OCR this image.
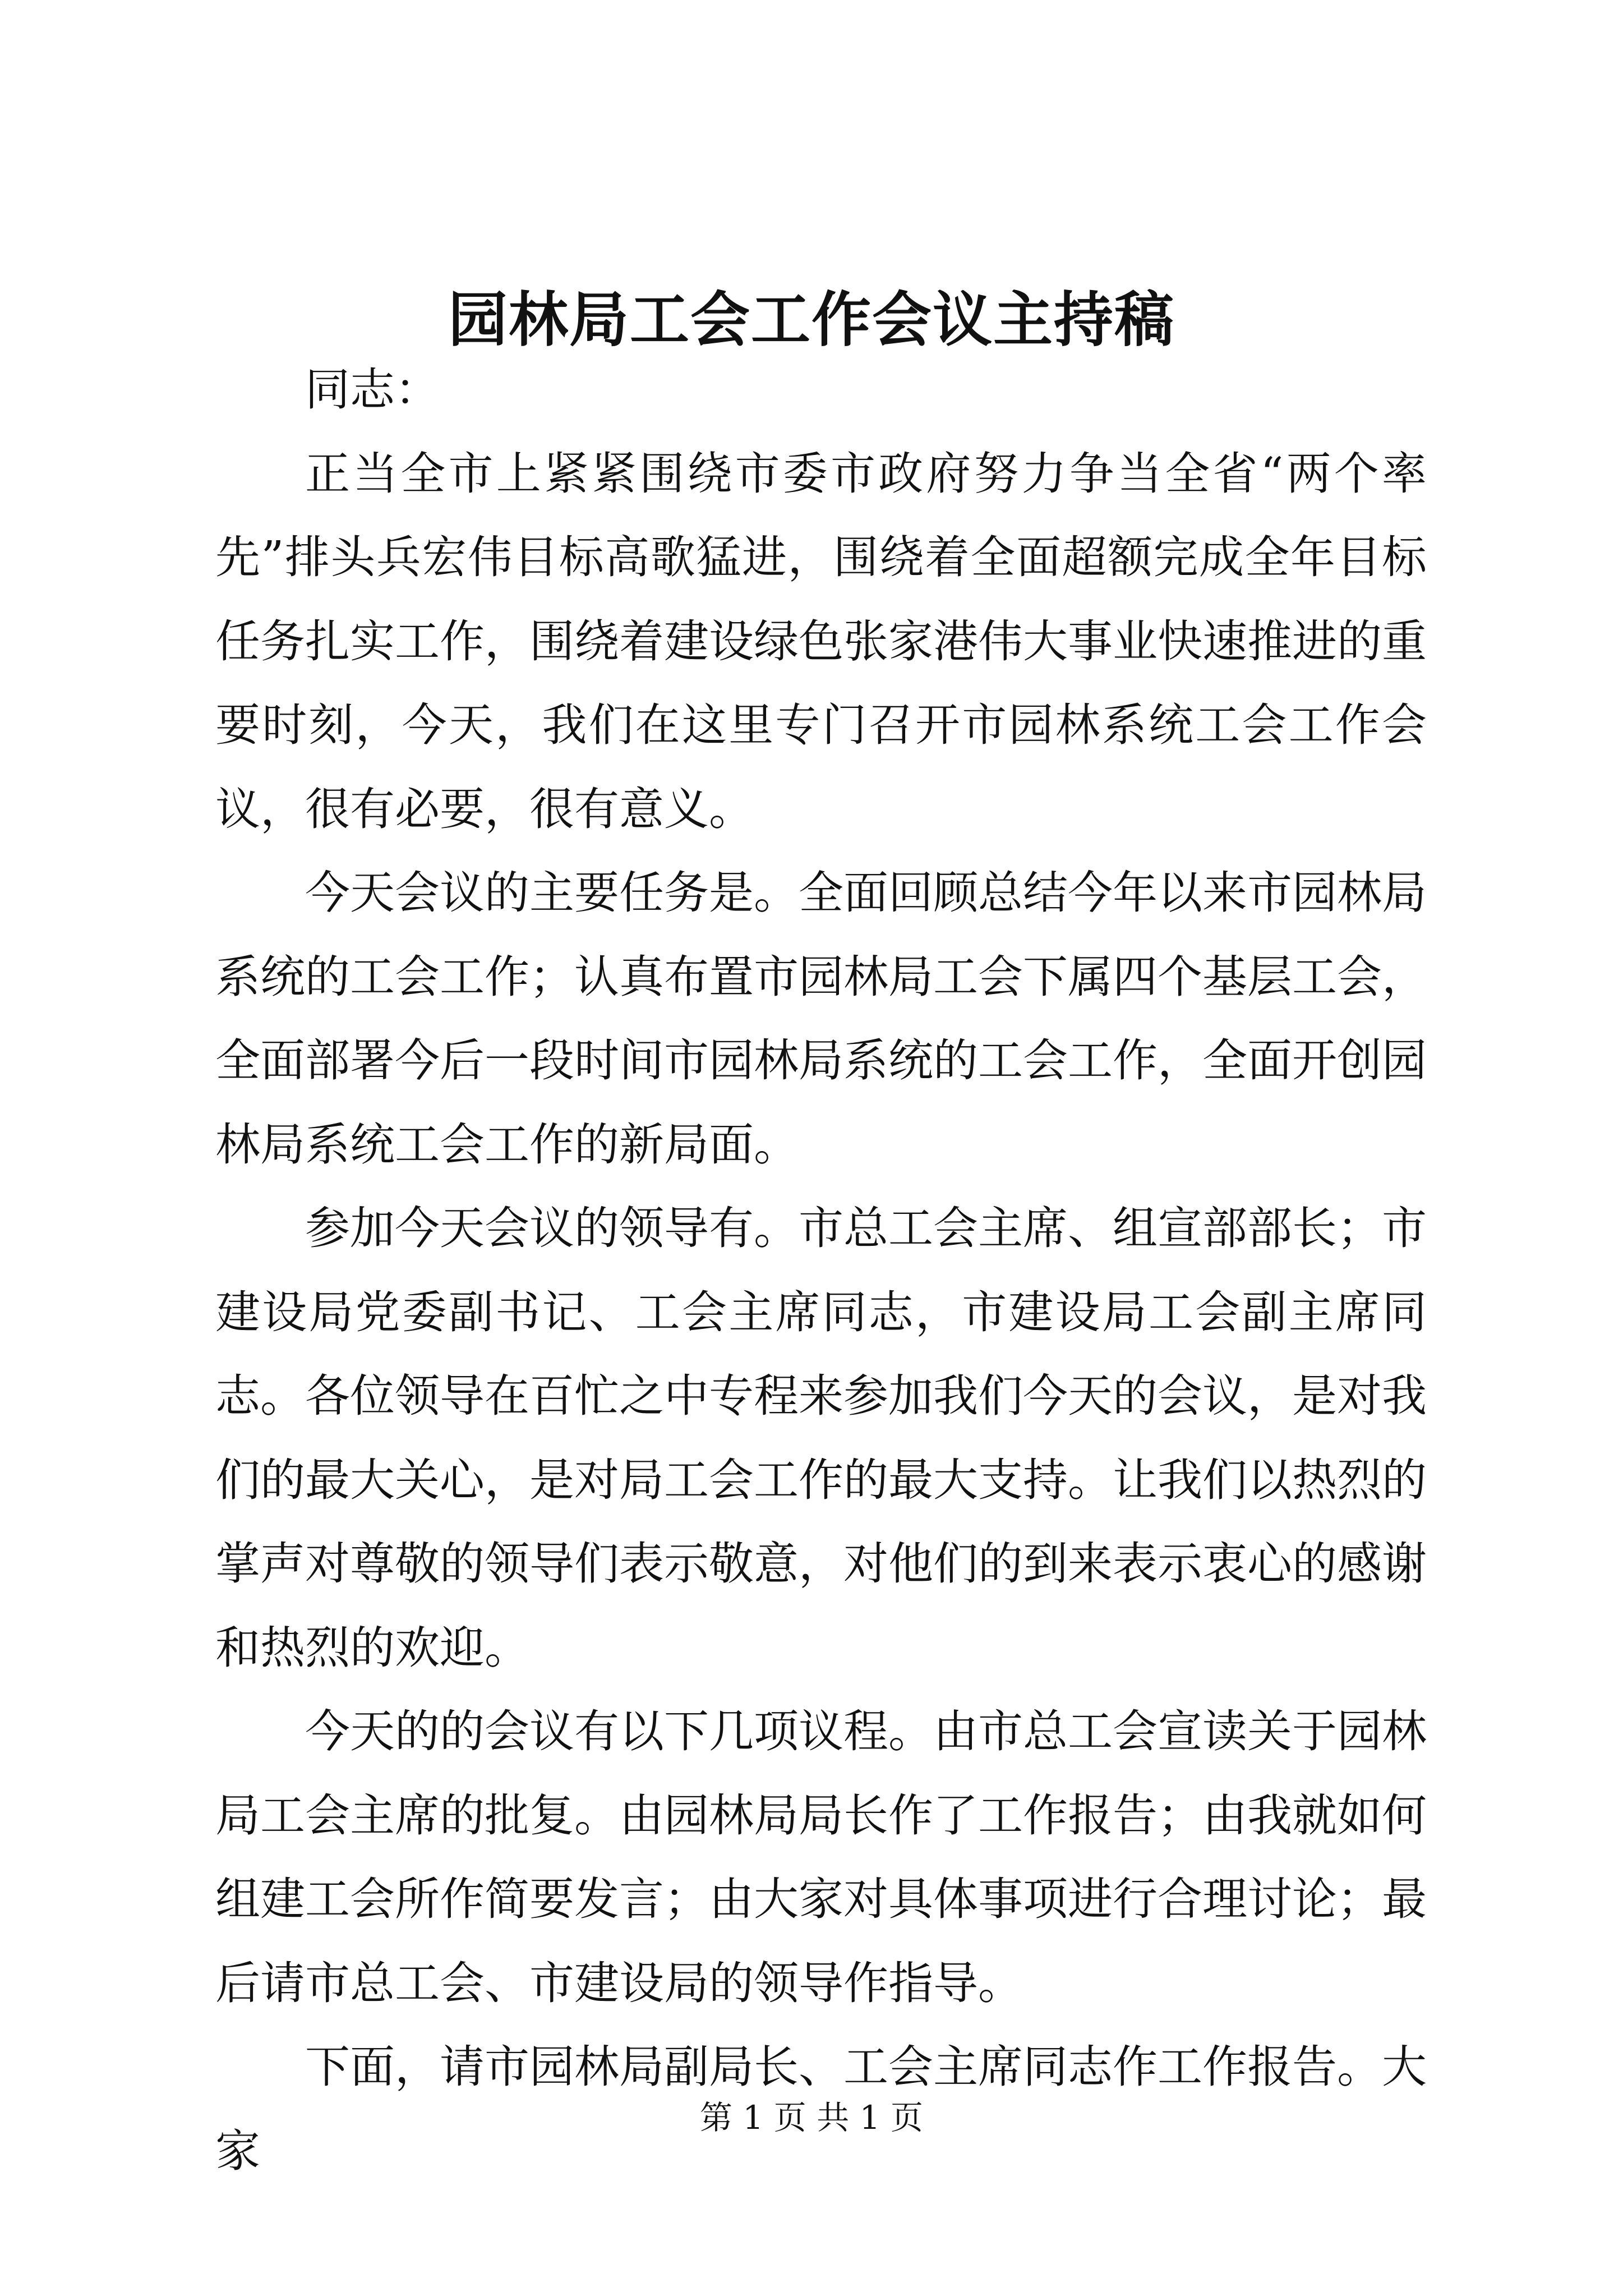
园林局工会工作会议主持稿

同志：

正当全市上紧紧围绕市委市政府努力争当全省“两个率先”排头兵宏伟目标高歌猛进，围绕着全面超额完成全年目标任务扎实工作，围绕着建设绿色张家港伟大事业快速推进的重要时刻，今天，我们在这里专门召开市园林系统工会工作会议，很有必要，很有意义。

今天会议的主要任务是。全面回顾总结今年以来市园林局系统的工会工作；认真布置市园林局工会下属四个基层工会，全面部署今后一段时间市园林局系统的工会工作，全面开创园林局系统工会工作的新局面。

参加今天会议的领导有。市总工会主席、组宣部部长；市建设局党委副书记、工会主席同志，市建设局工会副主席同志。各位领导在百忙之中专程来参加我们今天的会议，是对我们的最大关心，是对局工会工作的最大支持。让我们以热烈的掌声对尊敬的领导们表示敬意，对他们的到来表示衷心的感谢和热烈的欢迎。

今天的的会议有以下几项议程。由市总工会宣读关于园林局工会主席的批复。由园林局局长作了工作报告；由我就如何组建工会所作简要发言；由大家对具体事项进行合理讨论；最后请市总工会、市建设局的领导作指导。

下面，请市园林局副局长、工会主席同志作工作报告。大家

第 1 页 共 1 页
